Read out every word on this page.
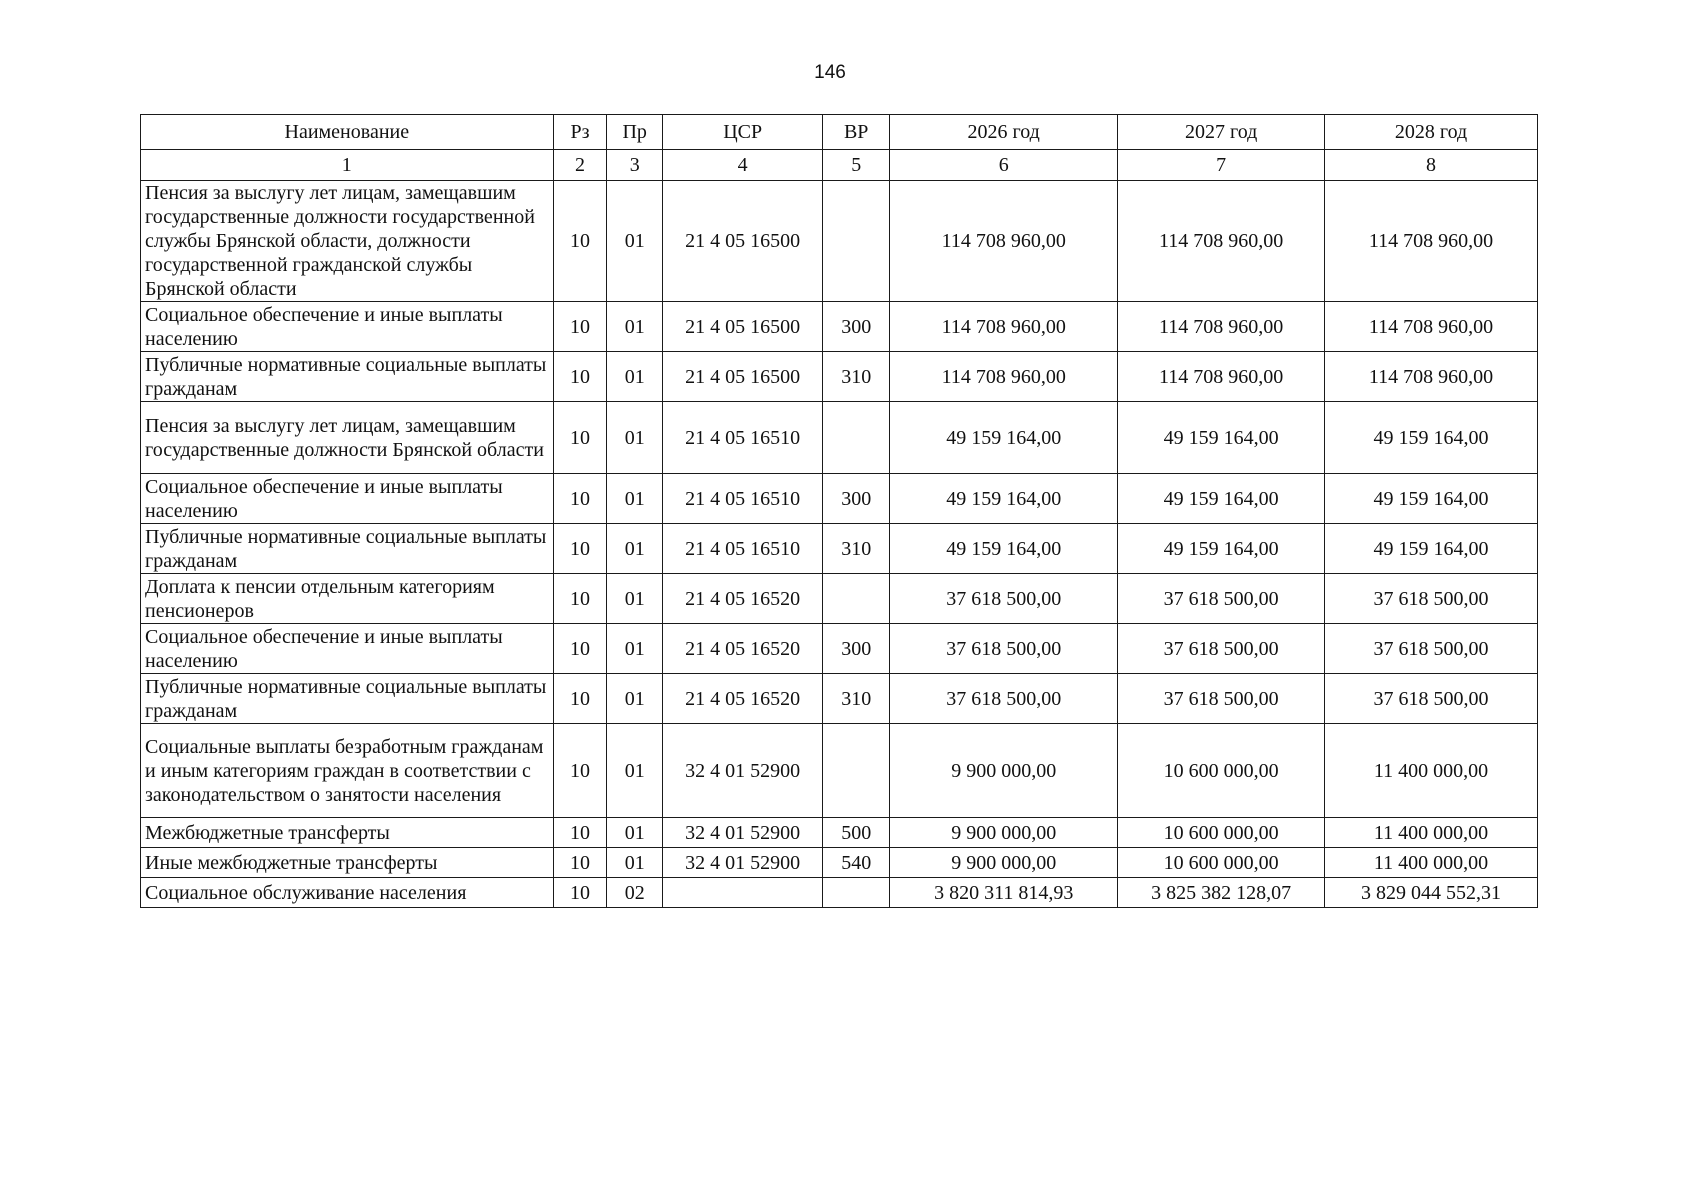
146
Наименование	Рз	Пр	ЦСР	ВР	2026 год	2027 год	2028 год
1	2	3	4	5	6	7	8
Пенсия за выслугу лет лицам, замещавшим государственные должности государственной службы Брянской области, должности государственной гражданской службы Брянской области	10	01	21 4 05 16500		114 708 960,00	114 708 960,00	114 708 960,00
Социальное обеспечение и иные выплаты населению	10	01	21 4 05 16500	300	114 708 960,00	114 708 960,00	114 708 960,00
Публичные нормативные социальные выплаты гражданам	10	01	21 4 05 16500	310	114 708 960,00	114 708 960,00	114 708 960,00
Пенсия за выслугу лет лицам, замещавшим государственные должности Брянской области	10	01	21 4 05 16510		49 159 164,00	49 159 164,00	49 159 164,00
Социальное обеспечение и иные выплаты населению	10	01	21 4 05 16510	300	49 159 164,00	49 159 164,00	49 159 164,00
Публичные нормативные социальные выплаты гражданам	10	01	21 4 05 16510	310	49 159 164,00	49 159 164,00	49 159 164,00
Доплата к пенсии отдельным категориям пенсионеров	10	01	21 4 05 16520		37 618 500,00	37 618 500,00	37 618 500,00
Социальное обеспечение и иные выплаты населению	10	01	21 4 05 16520	300	37 618 500,00	37 618 500,00	37 618 500,00
Публичные нормативные социальные выплаты гражданам	10	01	21 4 05 16520	310	37 618 500,00	37 618 500,00	37 618 500,00
Социальные выплаты безработным гражданам и иным категориям граждан в соответствии с законодательством о занятости населения	10	01	32 4 01 52900		9 900 000,00	10 600 000,00	11 400 000,00
Межбюджетные трансферты	10	01	32 4 01 52900	500	9 900 000,00	10 600 000,00	11 400 000,00
Иные межбюджетные трансферты	10	01	32 4 01 52900	540	9 900 000,00	10 600 000,00	11 400 000,00
Социальное обслуживание населения	10	02			3 820 311 814,93	3 825 382 128,07	3 829 044 552,31
